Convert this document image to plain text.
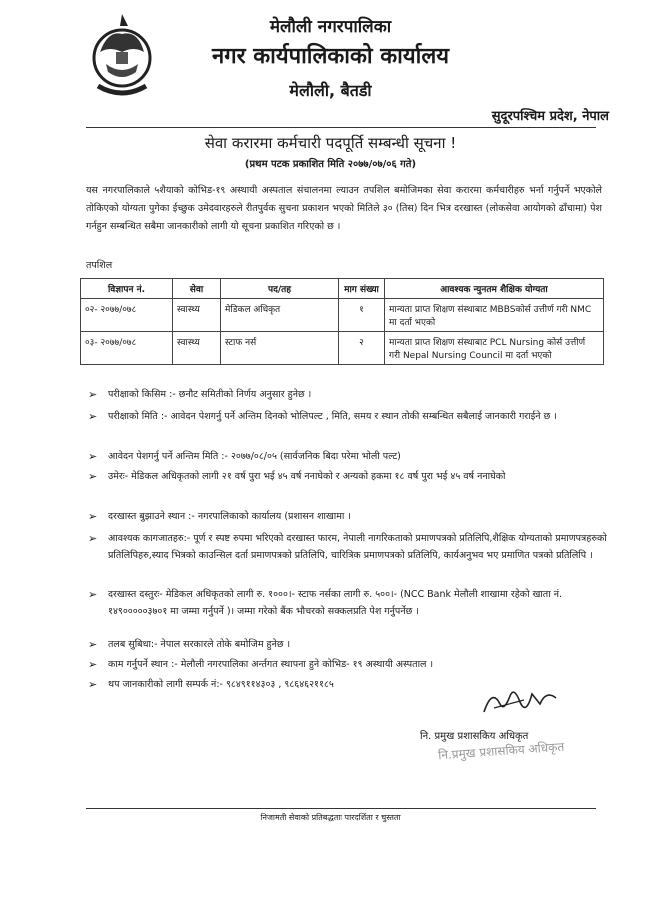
मेलौली नगरपालिका
नगर कार्यपालिकाको कार्यालय
मेलौली, बैतडी
सुदूरपश्चिम प्रदेश, नेपाल
सेवा करारमा कर्मचारी पदपूर्ति सम्बन्धी सूचना !
(प्रथम पटक प्रकाशित मिति २०७७/०७/०६ गते)
यस नगरपालिकाले ५शैयाको कोभिड-१९ अस्थायी अस्पताल संचालनमा ल्याउन तपशिल बमोजिमका सेवा करारमा कर्मचारीहरु भर्ना गर्नुपर्ने भएकोले तोकिएको योग्यता पुगेका ईच्छुक उमेदवारहरुले रीतपुर्वक सुचना प्रकाशन भएको मितिले ३० (तिस) दिन भित्र दरखास्त (लोकसेवा आयोगको ढाँचामा) पेश गर्नहुन सम्बन्धित सबैमा जानकारीको लागी यो सूचना प्रकाशित गरिएको छ ।
तपशिल
विज्ञापन नं.	सेवा	पद/तह	माग संख्या	आवश्यक न्युनतम शैक्षिक योग्यता
०२- २०७७/०७८	स्वास्थ्य	मेडिकल अधिकृत	१	मान्यता प्राप्त शिक्षण संस्थाबाट MBBSकोर्स उत्तीर्ण गरी NMC मा दर्ता भएको
०३- २०७७/०७८	स्वास्थ्य	स्टाफ नर्स	२	मान्यता प्राप्त शिक्षण संस्थाबाट PCL Nursing कोर्स उत्तीर्ण गरी Nepal Nursing Council मा दर्ता भएको
➢ परीक्षाको किसिम :- छनौट समितीको निर्णय अनुसार हुनेछ ।
➢ परीक्षाको मिति :- आवेदन पेशगर्नु पर्ने अन्तिम दिनको भोलिपल्ट , मिति, समय र स्थान तोकी सम्बन्धित सबैलाई जानकारी गराईने छ ।
➢ आवेदन पेशगर्नु पर्ने अन्तिम मिति :- २०७७/०८/०५ (सार्वजनिक बिदा परेमा भोली पल्ट)
➢ उमेरः- मेडिकल अधिकृतको लागी २१ वर्ष पुरा भई ४५ वर्ष ननाघेको र अन्यको हकमा १८ वर्ष पुरा भई ४५ वर्ष ननाघेको
➢ दरखास्त बुझाउने स्थान :- नगरपालिकाको कार्यालय (प्रशासन शाखामा ।
➢ आवश्यक कागजातहरु:- पूर्ण र स्पष्ट रुपमा भरिएको दरखास्त फारम, नेपाली नागरिकताको प्रमाणपत्रको प्रतिलिपि,शैक्षिक योग्यताको प्रमाणपत्रहरुको प्रतिलिपिहरु,स्याद भित्रको काउन्सिल दर्ता प्रमाणपत्रको प्रतिलिपि, चारित्रिक प्रमाणपत्रको प्रतिलिपि, कार्यअनुभव भए प्रमाणित पत्रको प्रतिलिपि ।
➢ दरखास्त दस्तुरः- मेडिकल अधिकृतको लागी रु. १०००।- स्टाफ नर्सका लागी रु. ५००।- (NCC Bank मेलौली शाखामा रहेको खाता नं. १४९०००००३७०१ मा जम्मा गर्नुपर्ने )। जम्मा गरेको बैंक भौचरको सक्कलप्रति पेश गर्नुपर्नेछ ।
➢ तलब सुबिधा:- नेपाल सरकारले तोके बमोजिम हुनेछ ।
➢ काम गर्नुपर्ने स्थान :- मेलौली नगरपालिका अर्न्तगत स्थापना हुने कोभिड- १९ अस्थायी अस्पताल ।
➢ थप जानकारीको लागी सम्पर्क नं:- ९८४९११४३०३ , ९८६४६२११८५
नि. प्रमुख प्रशासकिय अधिकृत
नि.प्रमुख प्रशासकिय अधिकृत
निजामती सेवाको प्रतिबद्धताः पारदर्शिता र चुस्तता
